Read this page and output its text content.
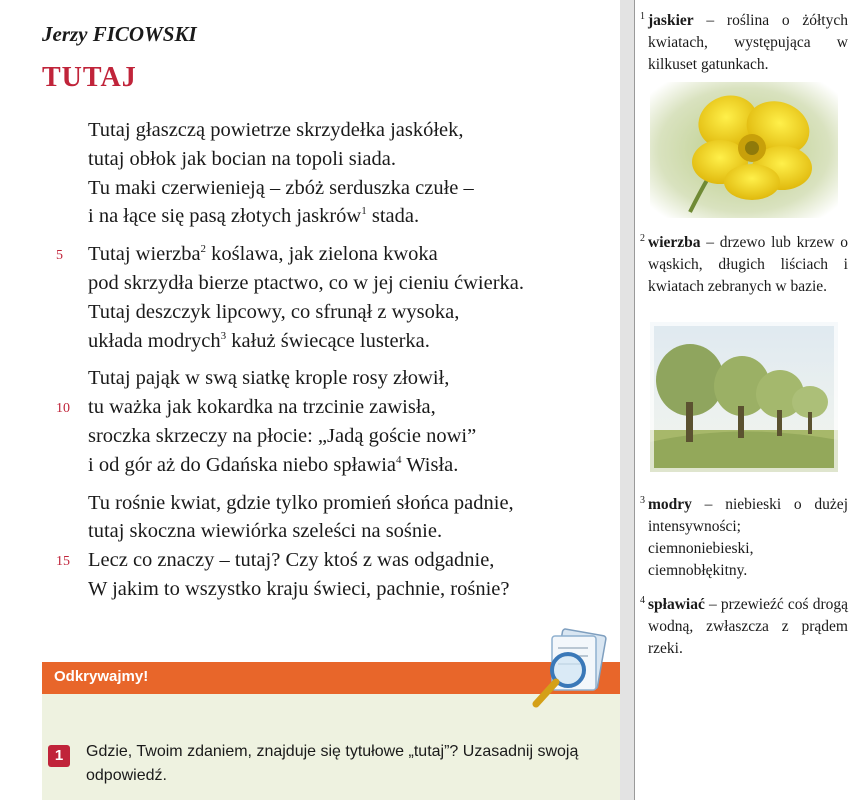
Jerzy FICOWSKI
TUTAJ
Tutaj głaszczą powietrze skrzydełka jaskółek,
tutaj obłok jak bocian na topoli siada.
Tu maki czerwienieją – zbóż serduszka czułe –
i na łące się pasą złotych jaskrów$^1$ stada.
5 Tutaj wierzba$^2$ koślawa, jak zielona kwoka
pod skrzydła bierze ptactwo, co w jej cieniu ćwierka.
Tutaj deszczyk lipcowy, co sfrunął z wysoka,
układa modrych$^3$ kałuż świecące lusterka.
Tutaj pająk w swą siatkę krople rosy złowił,
10 tu ważka jak kokardka na trzcinie zawisła,
sroczka skrzeczy na płocie: „Jadą goście nowi”
i od gór aż do Gdańska niebo spławia$^4$ Wisła.
Tu rośnie kwiat, gdzie tylko promień słońca padnie,
tutaj skoczna wiewiórka szeleści na sośnie.
15 Lecz co znaczy – tutaj? Czy ktoś z was odgadnie,
W jakim to wszystko kraju świeci, pachnie, rośnie?
1 jaskier – roślina o żółtych kwiatach, występująca w kilkuset gatunkach.
2 wierzba – drzewo lub krzew o wąskich, długich liściach i kwiatach zebranych w bazie.
3 modry – niebieski o dużej intensywności; ciemnoniebieski, ciemnobłękitny.
4 spławiać – przewieźć coś drogą wodną, zwłaszcza z prądem rzeki.
Odkrywajmy!
1	Gdzie, Twoim zdaniem, znajduje się tytułowe „tutaj”? Uzasadnij swoją odpowiedź.
